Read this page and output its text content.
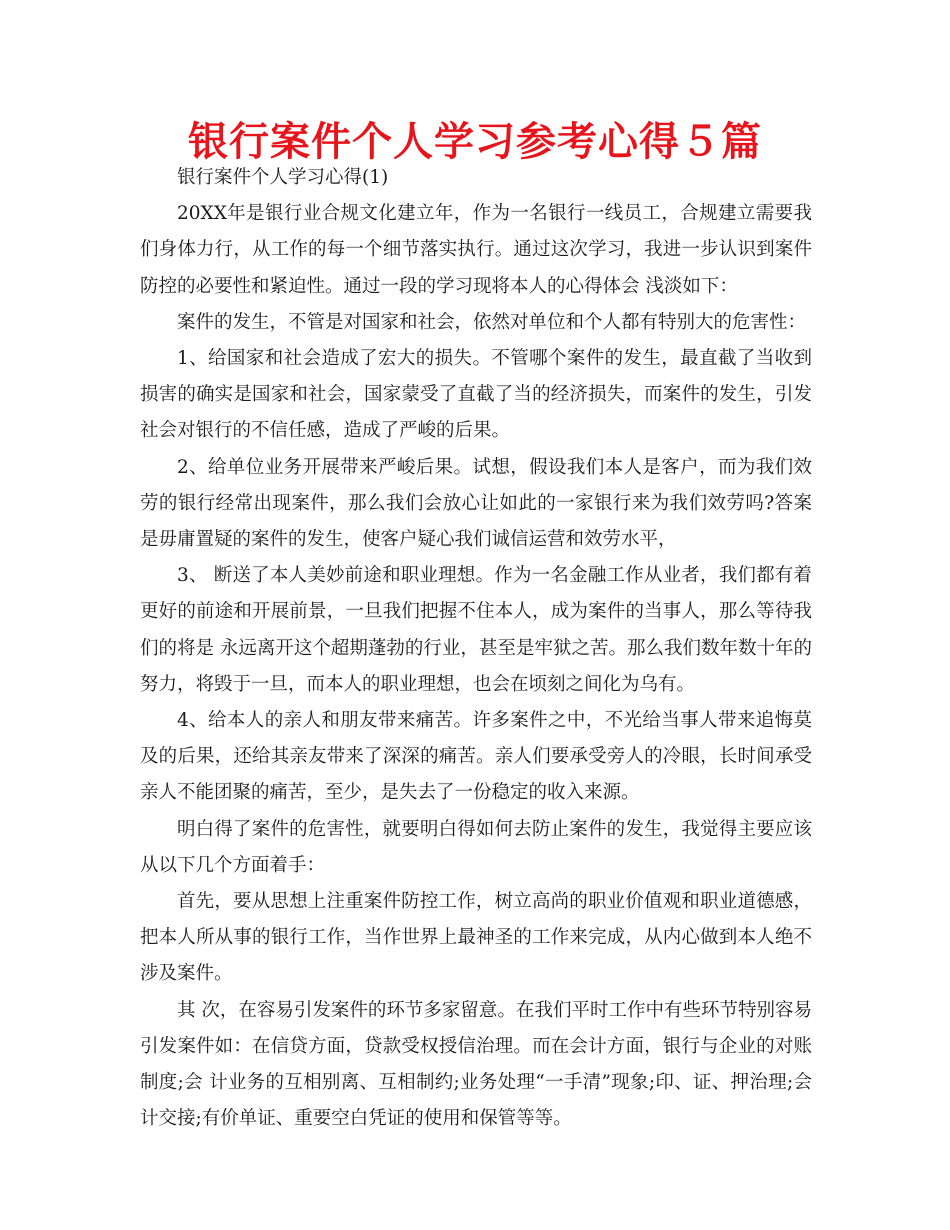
银行案件个人学习参考心得５篇

银行案件个人学习心得(1)

20XX年是银行业合规文化建立年，作为一名银行一线员工，合规建立需要我们身体力行，从工作的每一个细节落实执行。通过这次学习，我进一步认识到案件防控的必要性和紧迫性。通过一段的学习现将本人的心得体会 浅淡如下：

案件的发生，不管是对国家和社会，依然对单位和个人都有特别大的危害性：

1、给国家和社会造成了宏大的损失。不管哪个案件的发生，最直截了当收到损害的确实是国家和社会，国家蒙受了直截了当的经济损失，而案件的发生，引发社会对银行的不信任感，造成了严峻的后果。

2、给单位业务开展带来严峻后果。试想，假设我们本人是客户，而为我们效劳的银行经常出现案件，那么我们会放心让如此的一家银行来为我们效劳吗?答案是毋庸置疑的案件的发生，使客户疑心我们诚信运营和效劳水平，

3、 断送了本人美妙前途和职业理想。作为一名金融工作从业者，我们都有着更好的前途和开展前景，一旦我们把握不住本人，成为案件的当事人，那么等待我们的将是 永远离开这个超期蓬勃的行业，甚至是牢狱之苦。那么我们数年数十年的努力，将毁于一旦，而本人的职业理想，也会在顷刻之间化为乌有。

4、给本人的亲人和朋友带来痛苦。许多案件之中，不光给当事人带来追悔莫及的后果，还给其亲友带来了深深的痛苦。亲人们要承受旁人的冷眼，长时间承受亲人不能团聚的痛苦，至少，是失去了一份稳定的收入来源。

明白得了案件的危害性，就要明白得如何去防止案件的发生，我觉得主要应该从以下几个方面着手：

首先，要从思想上注重案件防控工作，树立高尚的职业价值观和职业道德感，把本人所从事的银行工作，当作世界上最神圣的工作来完成，从内心做到本人绝不涉及案件。

其 次，在容易引发案件的环节多家留意。在我们平时工作中有些环节特别容易引发案件如：在信贷方面，贷款受权授信治理。而在会计方面，银行与企业的对账制度;会 计业务的互相别离、互相制约;业务处理“一手清”现象;印、证、押治理;会计交接;有价单证、重要空白凭证的使用和保管等等。
